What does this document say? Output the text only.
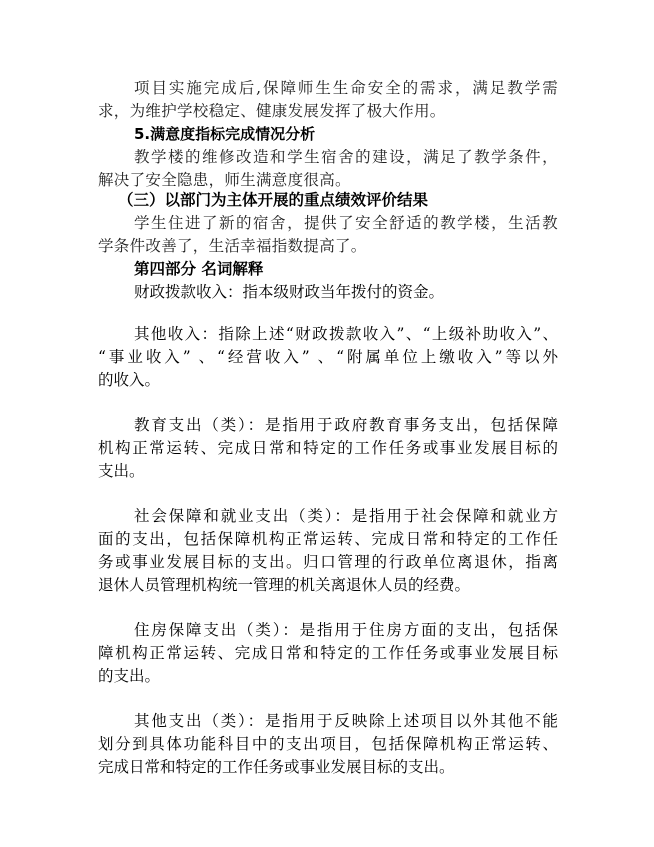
项目实施完成后,保障师生生命安全的需求，满足教学需
求，为维护学校稳定、健康发展发挥了极大作用。
5.满意度指标完成情况分析
教学楼的维修改造和学生宿舍的建设，满足了教学条件，
解决了安全隐患，师生满意度很高。
（三）以部门为主体开展的重点绩效评价结果
学生住进了新的宿舍，提供了安全舒适的教学楼，生活教
学条件改善了，生活幸福指数提高了。
第四部分 名词解释
财政拨款收入：指本级财政当年拨付的资金。
其他收入：指除上述“财政拨款收入”、“上级补助收入”、
“事业收入” 、“经营收入” 、“附属单位上缴收入”等以外
的收入。
教育支出（类）：是指用于政府教育事务支出，包括保障
机构正常运转、完成日常和特定的工作任务或事业发展目标的
支出。
社会保障和就业支出（类）：是指用于社会保障和就业方
面的支出，包括保障机构正常运转、完成日常和特定的工作任
务或事业发展目标的支出。归口管理的行政单位离退休，指离
退休人员管理机构统一管理的机关离退休人员的经费。
住房保障支出（类）：是指用于住房方面的支出，包括保
障机构正常运转、完成日常和特定的工作任务或事业发展目标
的支出。
其他支出（类）：是指用于反映除上述项目以外其他不能
划分到具体功能科目中的支出项目，包括保障机构正常运转、
完成日常和特定的工作任务或事业发展目标的支出。
